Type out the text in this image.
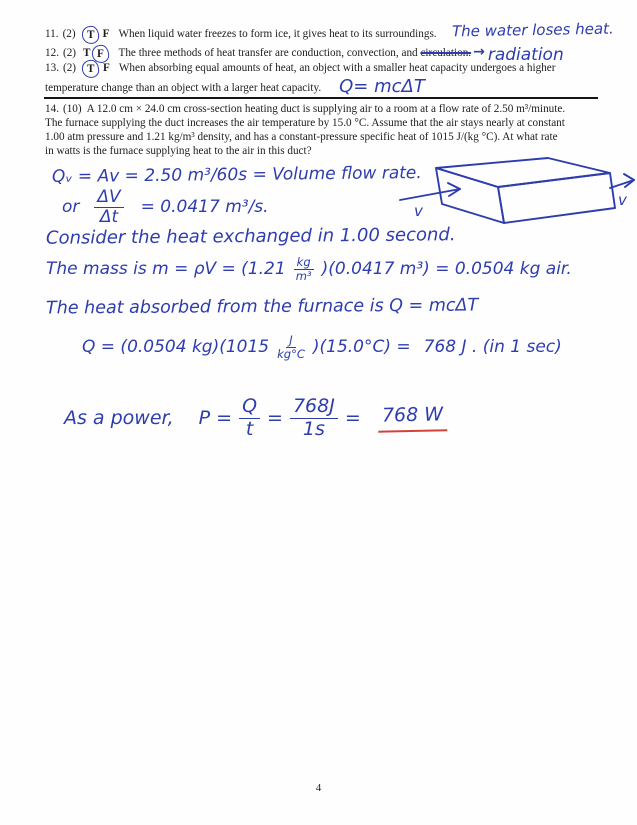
11. (2) T F When liquid water freezes to form ice, it gives heat to its surroundings. The water loses heat.
12. (2) T F The three methods of heat transfer are conduction, convection, and circulation. → radiation
13. (2) T F When absorbing equal amounts of heat, an object with a smaller heat capacity undergoes a higher
temperature change than an object with a larger heat capacity. Q= mcΔT
14. (10) A 12.0 cm × 24.0 cm cross-section heating duct is supplying air to a room at a flow rate of 2.50 m³/minute.
The furnace supplying the duct increases the air temperature by 15.0 °C. Assume that the air stays nearly at constant
1.00 atm pressure and 1.21 kg/m³ density, and has a constant-pressure specific heat of 1015 J/(kg °C). At what rate
in watts is the furnace supplying heat to the air in this duct?
Qᵥ = Av = 2.50 m³/60s = Volume flow rate.
or $\frac{\Delta V}{\Delta t} = 0.0417$ m³/s.	v
v
Consider the heat exchanged in 1.00 second.
The mass is $m = \rho V = (1.21 \frac{kg}{\text{m³}} )(0.0417$ m³) = 0.0504 kg air.
The heat absorbed from the furnace is Q = mcΔT
Q = (0.0504 $kg)(1015 \frac{J}{kg^\circ C} )(15.0^\circ C) = 768$ J . (in 1 sec)
As a power, $P = \frac{Q}{t} = \frac{768J}{1s} = 768$ W
4
